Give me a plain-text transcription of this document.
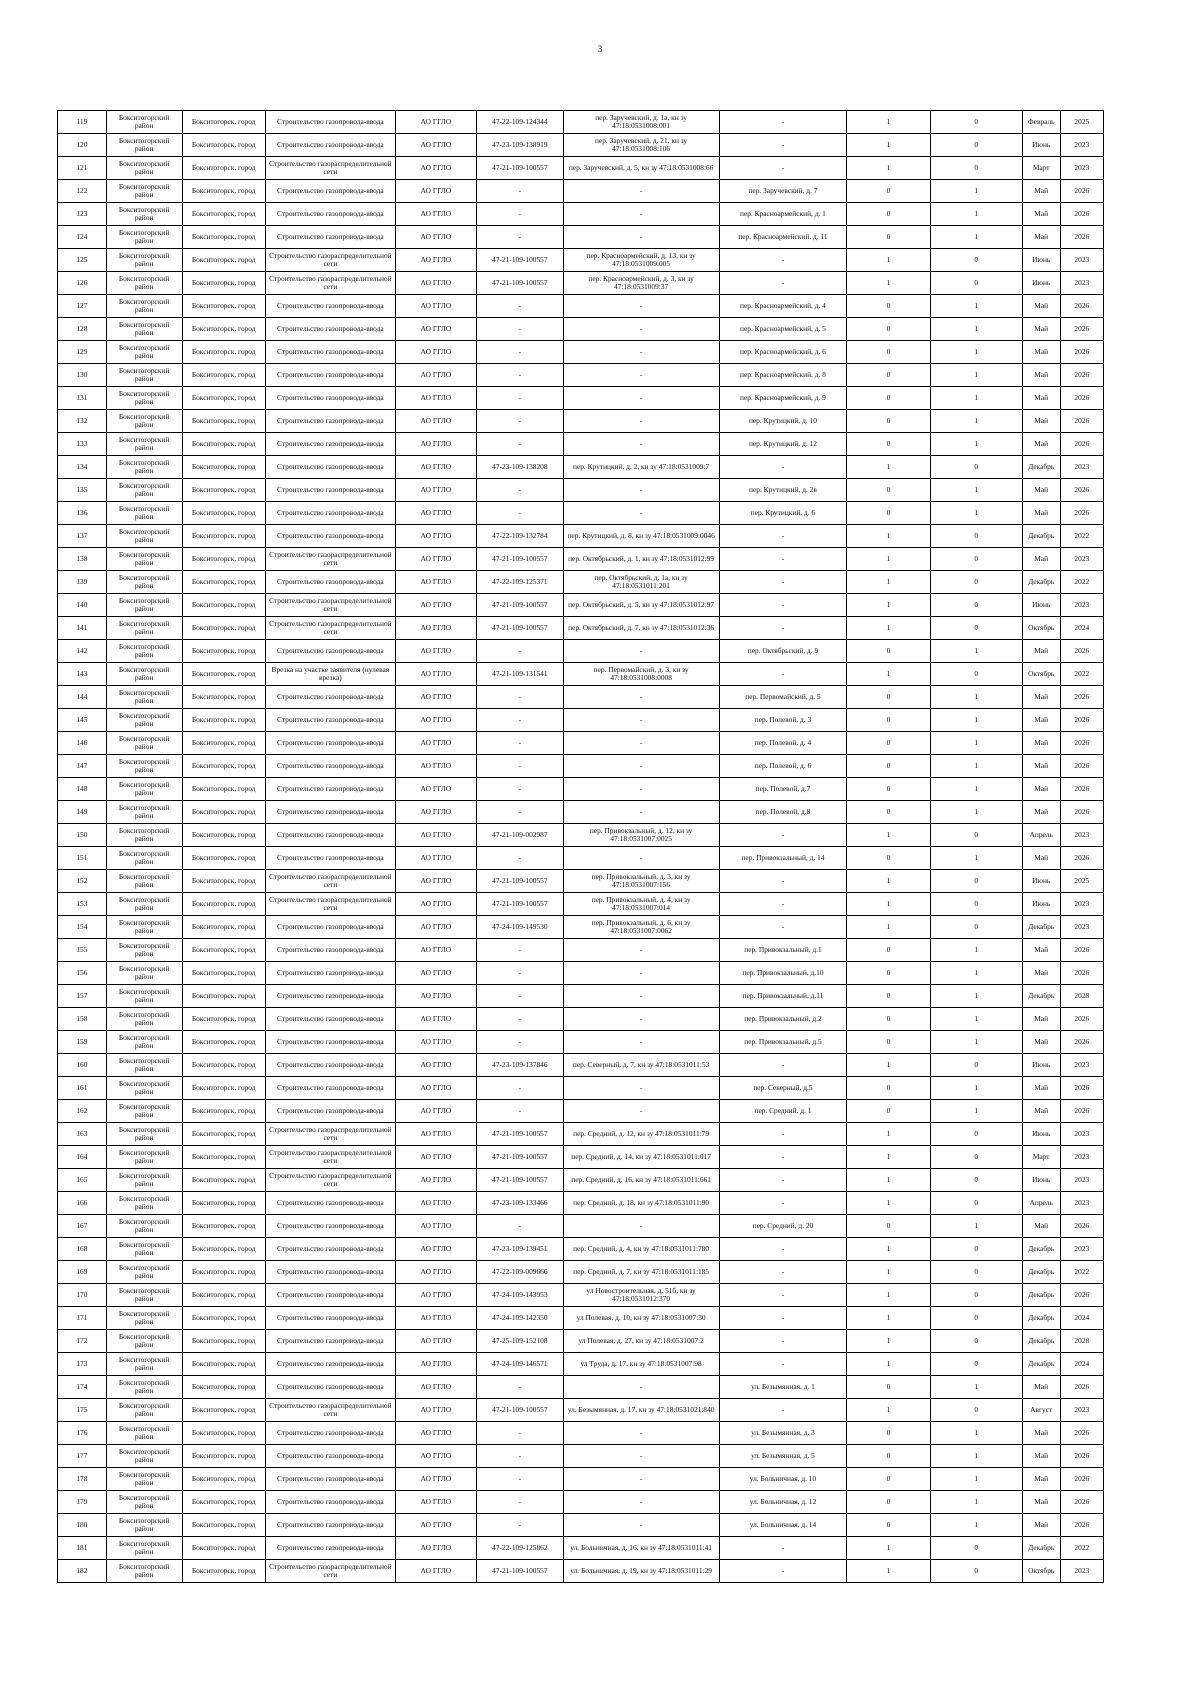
3
119	Бокситогорский район	Бокситогорск, город	Строительство газопровода-ввода	АО ГГЛО	47-22-109-124344	пер. Заручевский, д. 1а, кн зу 47:18:0531008:001	-	1	0	Февраль	2025
120	Бокситогорский район	Бокситогорск, город	Строительство газопровода-ввода	АО ГГЛО	47-23-109-138919	пер. Заручевский, д. 21, кн зу 47:18:0531008:106	-	1	0	Июнь	2023
121	Бокситогорский район	Бокситогорск, город	Строительство газораспределительной сети	АО ГГЛО	47-21-109-100557	пер. Заручевский, д. 5, кн зу 47:18:0531008:66	-	1	0	Март	2023
122	Бокситогорский район	Бокситогорск, город	Строительство газопровода-ввода	АО ГГЛО	-	-	пер. Заручевский, д. 7	0	1	Май	2026
123	Бокситогорский район	Бокситогорск, город	Строительство газопровода-ввода	АО ГГЛО	-	-	пер. Красноармейский, д. 1	0	1	Май	2026
124	Бокситогорский район	Бокситогорск, город	Строительство газопровода-ввода	АО ГГЛО	-	-	пер. Красноармейский, д. 11	0	1	Май	2026
125	Бокситогорский район	Бокситогорск, город	Строительство газораспределительной сети	АО ГГЛО	47-21-109-100557	пер. Красноармейский, д. 13, кн зу 47:18:0531009:005	-	1	0	Июнь	2023
126	Бокситогорский район	Бокситогорск, город	Строительство газораспределительной сети	АО ГГЛО	47-21-109-100557	пер. Красноармейский, д. 3, кн зу 47:18:0531009:37	-	1	0	Июнь	2023
127	Бокситогорский район	Бокситогорск, город	Строительство газопровода-ввода	АО ГГЛО	-	-	пер. Красноармейский, д. 4	0	1	Май	2026
128	Бокситогорский район	Бокситогорск, город	Строительство газопровода-ввода	АО ГГЛО	-	-	пер. Красноармейский, д. 5	0	1	Май	2026
129	Бокситогорский район	Бокситогорск, город	Строительство газопровода-ввода	АО ГГЛО	-	-	пер. Красноармейский, д. 6	0	1	Май	2026
130	Бокситогорский район	Бокситогорск, город	Строительство газопровода-ввода	АО ГГЛО	-	-	пер. Красноармейский, д. 8	0	1	Май	2026
131	Бокситогорский район	Бокситогорск, город	Строительство газопровода-ввода	АО ГГЛО	-	-	пер. Красноармейский, д. 9	0	1	Май	2026
132	Бокситогорский район	Бокситогорск, город	Строительство газопровода-ввода	АО ГГЛО	-	-	пер. Крутицкий, д. 10	0	1	Май	2026
133	Бокситогорский район	Бокситогорск, город	Строительство газопровода-ввода	АО ГГЛО	-	-	пер. Крутицкий, д. 12	0	1	Май	2026
134	Бокситогорский район	Бокситогорск, город	Строительство газопровода-ввода	АО ГГЛО	47-23-109-138208	пер. Крутицкий, д. 2, кн зу 47:18:0531009:7	-	1	0	Декабрь	2023
135	Бокситогорский район	Бокситогорск, город	Строительство газопровода-ввода	АО ГГЛО	-	-	пер. Крутицкий, д. 2в	0	1	Май	2026
136	Бокситогорский район	Бокситогорск, город	Строительство газопровода-ввода	АО ГГЛО	-	-	пер. Крутицкий, д. 6	0	1	Май	2026
137	Бокситогорский район	Бокситогорск, город	Строительство газопровода-ввода	АО ГГЛО	47-22-109-132784	пер. Крутицкий, д. 8, кн зу 47:18:0531009:0046	-	1	0	Декабрь	2022
138	Бокситогорский район	Бокситогорск, город	Строительство газораспределительной сети	АО ГГЛО	47-21-109-100557	пер. Октябрьский, д. 1, кн зу 47:18:0531012:99	-	1	0	Май	2023
139	Бокситогорский район	Бокситогорск, город	Строительство газопровода-ввода	АО ГГЛО	47-22-109-125371	пер. Октябрьский, д. 1а, кн зу 47:18:0531011:201	-	1	0	Декабрь	2022
140	Бокситогорский район	Бокситогорск, город	Строительство газораспределительной сети	АО ГГЛО	47-21-109-100557	пер. Октябрьский, д. 5, кн зу 47:18:0531012:97	-	1	0	Июнь	2023
141	Бокситогорский район	Бокситогорск, город	Строительство газораспределительной сети	АО ГГЛО	47-21-109-100557	пер. Октябрьский, д. 7, кн зу 47:18:0531012:36	-	1	0	Октябрь	2024
142	Бокситогорский район	Бокситогорск, город	Строительство газопровода-ввода	АО ГГЛО	-	-	пер. Октябрьский, д. 9	0	1	Май	2026
143	Бокситогорский район	Бокситогорск, город	Врезка на участке заявителя (нулевая врезка)	АО ГГЛО	47-21-109-131541	пер. Первомайский, д. 3, кн зу 47:18:0531008:0008	-	1	0	Октябрь	2022
144	Бокситогорский район	Бокситогорск, город	Строительство газопровода-ввода	АО ГГЛО	-	-	пер. Первомайский, д. 5	0	1	Май	2026
145	Бокситогорский район	Бокситогорск, город	Строительство газопровода-ввода	АО ГГЛО	-	-	пер. Полевой, д. 3	0	1	Май	2026
146	Бокситогорский район	Бокситогорск, город	Строительство газопровода-ввода	АО ГГЛО	-	-	пер. Полевой, д. 4	0	1	Май	2026
147	Бокситогорский район	Бокситогорск, город	Строительство газопровода-ввода	АО ГГЛО	-	-	пер. Полевой, д. 6	0	1	Май	2026
148	Бокситогорский район	Бокситогорск, город	Строительство газопровода-ввода	АО ГГЛО	-	-	пер. Полевой, д.7	0	1	Май	2026
149	Бокситогорский район	Бокситогорск, город	Строительство газопровода-ввода	АО ГГЛО	-	-	пер. Полевой, д.8	0	1	Май	2026
150	Бокситогорский район	Бокситогорск, город	Строительство газопровода-ввода	АО ГГЛО	47-21-109-002987	пер. Привокзальный, д. 12, кн зу 47:18:0531007:0025	-	1	0	Апрель	2023
151	Бокситогорский район	Бокситогорск, город	Строительство газопровода-ввода	АО ГГЛО	-	-	пер. Привокзальный, д. 14	0	1	Май	2026
152	Бокситогорский район	Бокситогорск, город	Строительство газораспределительной сети	АО ГГЛО	47-21-109-100557	пер. Привокзальный, д. 3, кн зу 47:18:0531007:156	-	1	0	Июнь	2025
153	Бокситогорский район	Бокситогорск, город	Строительство газораспределительной сети	АО ГГЛО	47-21-109-100557	пер. Привокзальный, д. 4, кн зу 47:18:0531007:014	-	1	0	Июнь	2023
154	Бокситогорский район	Бокситогорск, город	Строительство газопровода-ввода	АО ГГЛО	47-24-109-149530	пер. Привокзальный, д. 6, кн зу 47:18:0531007:0062	-	1	0	Декабрь	2023
155	Бокситогорский район	Бокситогорск, город	Строительство газопровода-ввода	АО ГГЛО	-	-	пер. Привокзальный, д.1	0	1	Май	2026
156	Бокситогорский район	Бокситогорск, город	Строительство газопровода-ввода	АО ГГЛО	-	-	пер. Привокзальный, д.10	0	1	Май	2026
157	Бокситогорский район	Бокситогорск, город	Строительство газопровода-ввода	АО ГГЛО	-	-	пер. Привокзальный, д.11	0	1	Декабрь	2028
158	Бокситогорский район	Бокситогорск, город	Строительство газопровода-ввода	АО ГГЛО	-	-	пер. Привокзальный, д.2	0	1	Май	2026
159	Бокситогорский район	Бокситогорск, город	Строительство газопровода-ввода	АО ГГЛО	-	-	пер. Привокзальный, д.5	0	1	Май	2026
160	Бокситогорский район	Бокситогорск, город	Строительство газопровода-ввода	АО ГГЛО	47-23-109-137846	пер. Северный, д. 7, кн зу 47:18:0531011:53	-	1	0	Июнь	2023
161	Бокситогорский район	Бокситогорск, город	Строительство газопровода-ввода	АО ГГЛО	-	-	пер. Северный, д.5	0	1	Май	2026
162	Бокситогорский район	Бокситогорск, город	Строительство газопровода-ввода	АО ГГЛО	-	-	пер. Средний, д. 1	0	1	Май	2026
163	Бокситогорский район	Бокситогорск, город	Строительство газораспределительной сети	АО ГГЛО	47-21-109-100557	пер. Средний, д. 12, кн зу 47:18:0531011:79	-	1	0	Июнь	2023
164	Бокситогорский район	Бокситогорск, город	Строительство газораспределительной сети	АО ГГЛО	47-21-109-100557	пер. Средний, д. 14, кн зу 47:18:0531011:017	-	1	0	Март	2023
165	Бокситогорский район	Бокситогорск, город	Строительство газораспределительной сети	АО ГГЛО	47-21-109-100557	пер. Средний, д. 16, кн зу 47:18:0531011:661	-	1	0	Июнь	2023
166	Бокситогорский район	Бокситогорск, город	Строительство газопровода-ввода	АО ГГЛО	47-23-109-133466	пер. Средний, д. 18, кн зу 47:18:0531011:90	-	1	0	Апрель	2023
167	Бокситогорский район	Бокситогорск, город	Строительство газопровода-ввода	АО ГГЛО	-	-	пер. Средний, д. 20	0	1	Май	2026
168	Бокситогорский район	Бокситогорск, город	Строительство газопровода-ввода	АО ГГЛО	47-23-109-139451	пер. Средний, д. 4, кн зу 47:18:0531011:780	-	1	0	Декабрь	2023
169	Бокситогорский район	Бокситогорск, город	Строительство газопровода-ввода	АО ГГЛО	47-22-109-009666	пер. Средний, д. 7, кн зу 47:18:0531011:185	-	1	0	Декабрь	2022
170	Бокситогорский район	Бокситогорск, город	Строительство газопровода-ввода	АО ГГЛО	47-24-109-143953	ул Новостроительная, д. 51б, кн зу 47:18:0531012:370	-	1	0	Декабрь	2026
171	Бокситогорский район	Бокситогорск, город	Строительство газопровода-ввода	АО ГГЛО	47-24-109-142350	ул Полевая, д. 10, кн зу 47:18:0531007:30	-	1	0	Декабрь	2024
172	Бокситогорский район	Бокситогорск, город	Строительство газопровода-ввода	АО ГГЛО	47-25-109-152108	ул Полевая, д. 27, кн зу 47:18:0531007:2	-	1	0	Декабрь	2028
173	Бокситогорский район	Бокситогорск, город	Строительство газопровода-ввода	АО ГГЛО	47-24-109-146571	ул Труда, д. 17, кн зу 47:18:0531007:98	-	1	0	Декабрь	2024
174	Бокситогорский район	Бокситогорск, город	Строительство газопровода-ввода	АО ГГЛО	-	-	ул. Безымянная, д. 1	0	1	Май	2026
175	Бокситогорский район	Бокситогорск, город	Строительство газораспределительной сети	АО ГГЛО	47-21-109-100557	ул. Безымянная, д. 17, кн зу 47:18:0531021:840	-	1	0	Август	2023
176	Бокситогорский район	Бокситогорск, город	Строительство газопровода-ввода	АО ГГЛО	-	-	ул. Безымянная, д. 3	0	1	Май	2026
177	Бокситогорский район	Бокситогорск, город	Строительство газопровода-ввода	АО ГГЛО	-	-	ул. Безымянная, д. 5	0	1	Май	2026
178	Бокситогорский район	Бокситогорск, город	Строительство газопровода-ввода	АО ГГЛО	-	-	ул. Больничная, д. 10	0	1	Май	2026
179	Бокситогорский район	Бокситогорск, город	Строительство газопровода-ввода	АО ГГЛО	-	-	ул. Больничная, д. 12	0	1	Май	2026
180	Бокситогорский район	Бокситогорск, город	Строительство газопровода-ввода	АО ГГЛО	-	-	ул. Больничная, д. 14	0	1	Май	2026
181	Бокситогорский район	Бокситогорск, город	Строительство газопровода-ввода	АО ГГЛО	47-22-109-125862	ул. Больничная, д. 16, кн зу 47:18:0531011:41	-	1	0	Декабрь	2022
182	Бокситогорский район	Бокситогорск, город	Строительство газораспределительной сети	АО ГГЛО	47-21-109-100557	ул. Больничная, д. 19, кн зу 47:18:0531011:29	-	1	0	Октябрь	2023
